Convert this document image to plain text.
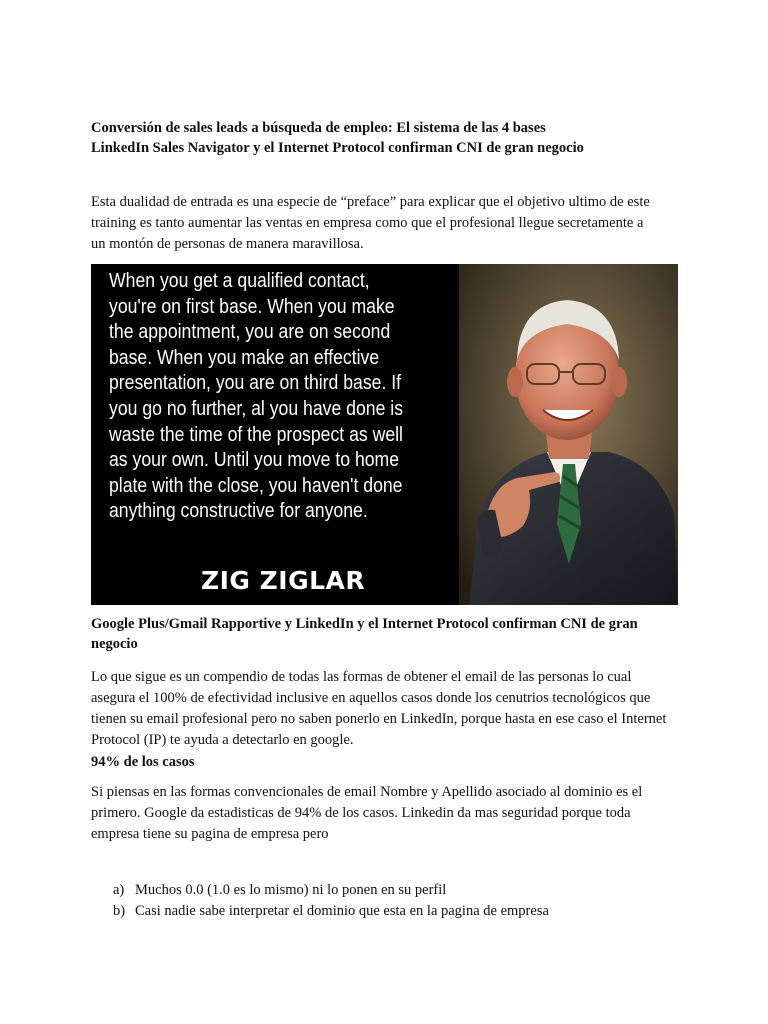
Conversión de sales leads a búsqueda de empleo: El sistema de las 4 bases
LinkedIn Sales Navigator y el Internet Protocol confirman CNI de gran negocio
Esta dualidad de entrada es una especie de “preface” para explicar que el objetivo ultimo de este
training es tanto aumentar las ventas en empresa como que el profesional llegue secretamente a
un montón de personas de manera maravillosa.
When you get a qualified contact,
you're on first base. When you make
the appointment, you are on second
base. When you make an effective
presentation, you are on third base. If
you go no further, al you have done is
waste the time of the prospect as well
as your own. Until you move to home
plate with the close, you haven't done
anything constructive for anyone.
ZIG ZIGLAR
Google Plus/Gmail Rapportive y LinkedIn y el Internet Protocol confirman CNI de gran
negocio
Lo que sigue es un compendio de todas las formas de obtener el email de las personas lo cual
asegura el 100% de efectividad inclusive en aquellos casos donde los cenutrios tecnológicos que
tienen su email profesional pero no saben ponerlo en LinkedIn, porque hasta en ese caso el Internet
Protocol (IP) te ayuda a detectarlo en google.
94% de los casos
Si piensas en las formas convencionales de email Nombre y Apellido asociado al dominio es el
primero. Google da estadisticas de 94% de los casos. Linkedin da mas seguridad porque toda
empresa tiene su pagina de empresa pero
a) Muchos 0.0 (1.0 es lo mismo) ni lo ponen en su perfil
b) Casi nadie sabe interpretar el dominio que esta en la pagina de empresa
